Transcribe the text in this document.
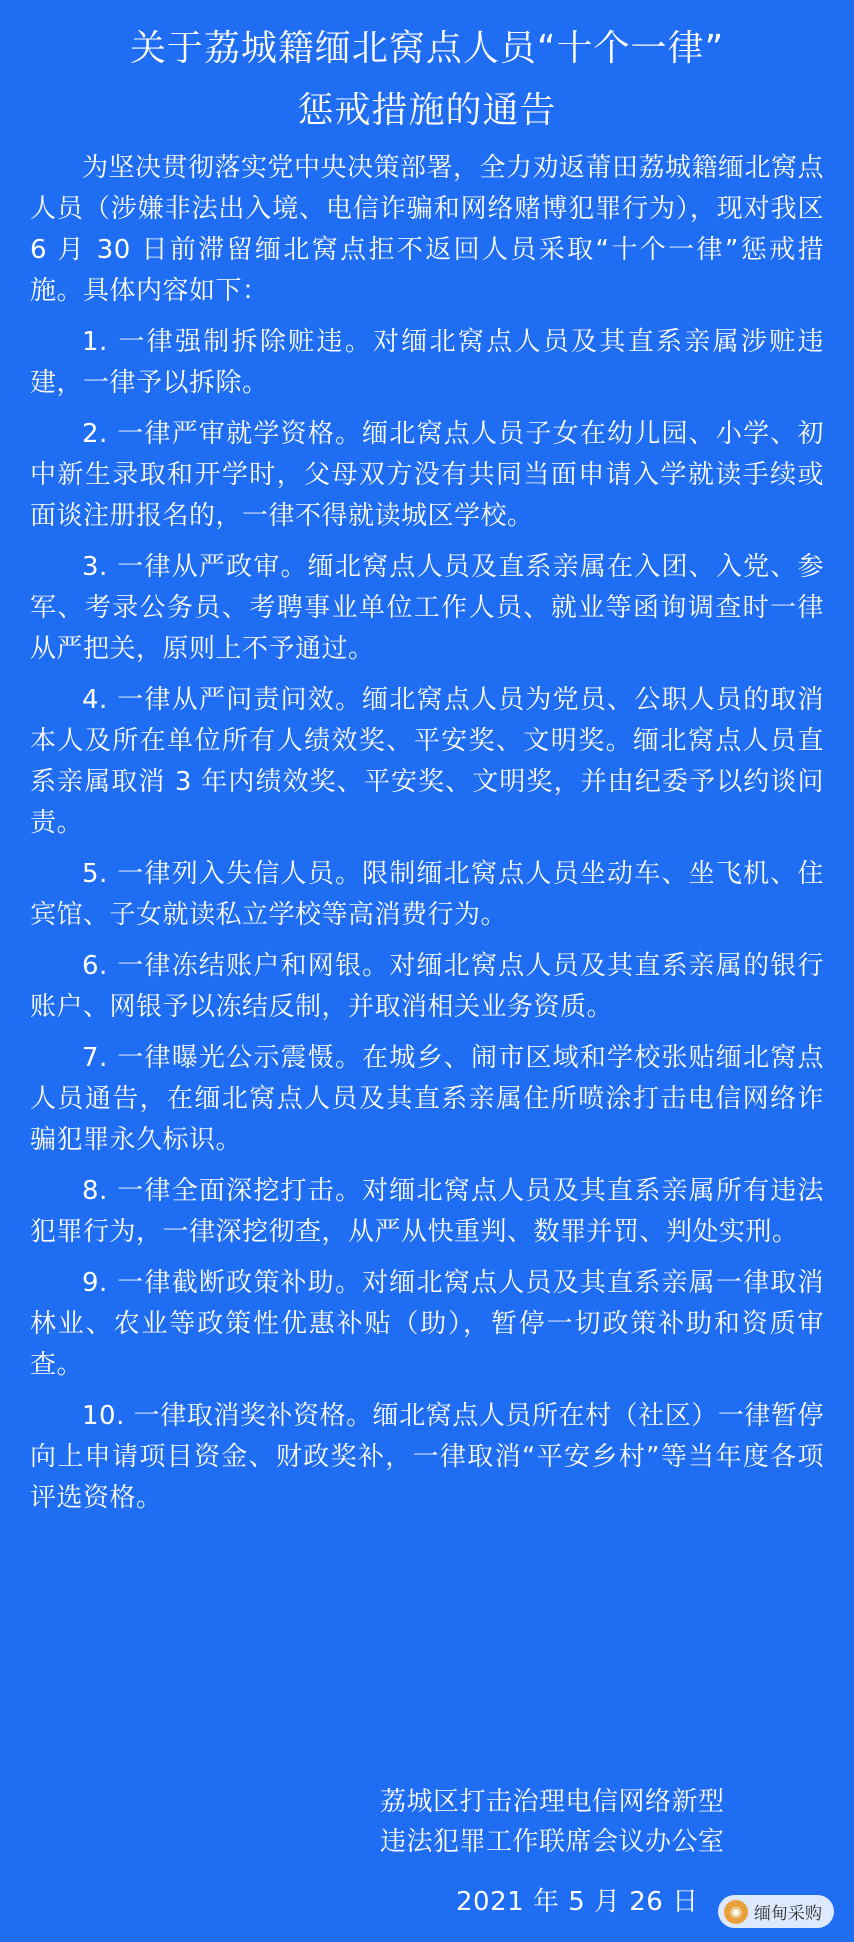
关于荔城籍缅北窝点人员“十个一律”
惩戒措施的通告

为坚决贯彻落实党中央决策部署，全力劝返莆田荔城籍缅北窝点人员（涉嫌非法出入境、电信诈骗和网络赌博犯罪行为），现对我区 6 月 30 日前滞留缅北窝点拒不返回人员采取“十个一律”惩戒措施。具体内容如下：

1. 一律强制拆除赃违。对缅北窝点人员及其直系亲属涉赃违建，一律予以拆除。

2. 一律严审就学资格。缅北窝点人员子女在幼儿园、小学、初中新生录取和开学时，父母双方没有共同当面申请入学就读手续或面谈注册报名的，一律不得就读城区学校。

3. 一律从严政审。缅北窝点人员及直系亲属在入团、入党、参军、考录公务员、考聘事业单位工作人员、就业等函询调查时一律从严把关，原则上不予通过。

4. 一律从严问责问效。缅北窝点人员为党员、公职人员的取消本人及所在单位所有人绩效奖、平安奖、文明奖。缅北窝点人员直系亲属取消 3 年内绩效奖、平安奖、文明奖，并由纪委予以约谈问责。

5. 一律列入失信人员。限制缅北窝点人员坐动车、坐飞机、住宾馆、子女就读私立学校等高消费行为。

6. 一律冻结账户和网银。对缅北窝点人员及其直系亲属的银行账户、网银予以冻结反制，并取消相关业务资质。

7. 一律曝光公示震慑。在城乡、闹市区域和学校张贴缅北窝点人员通告，在缅北窝点人员及其直系亲属住所喷涂打击电信网络诈骗犯罪永久标识。

8. 一律全面深挖打击。对缅北窝点人员及其直系亲属所有违法犯罪行为，一律深挖彻查，从严从快重判、数罪并罚、判处实刑。

9. 一律截断政策补助。对缅北窝点人员及其直系亲属一律取消林业、农业等政策性优惠补贴（助），暂停一切政策补助和资质审查。

10. 一律取消奖补资格。缅北窝点人员所在村（社区）一律暂停向上申请项目资金、财政奖补，一律取消“平安乡村”等当年度各项评选资格。

荔城区打击治理电信网络新型
违法犯罪工作联席会议办公室
2021 年 5 月 26 日	◉ 缅甸采购
